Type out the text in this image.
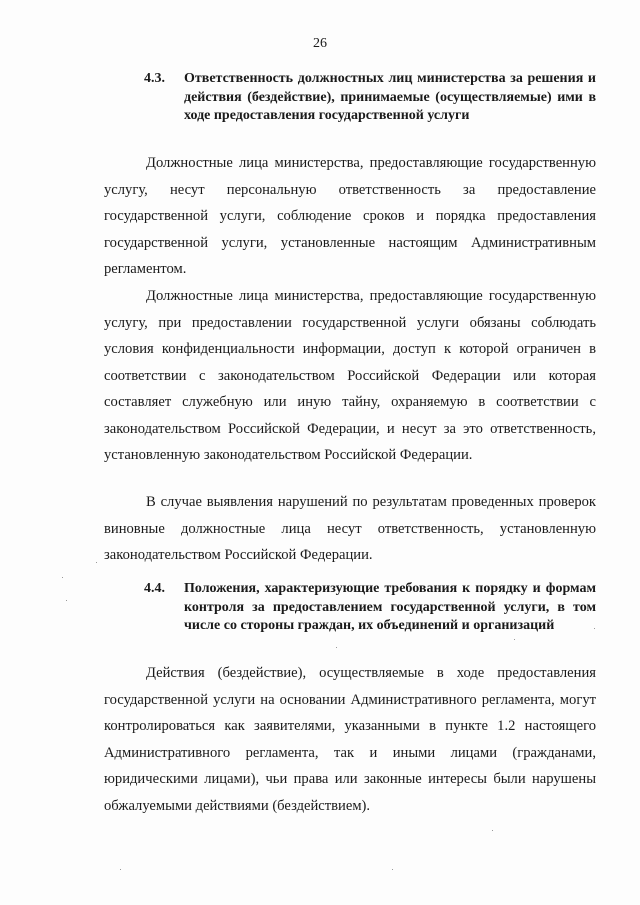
26
4.3. Ответственность должностных лиц министерства за решения и действия (бездействие), принимаемые (осуществляемые) ими в ходе предоставления государственной услуги

Должностные лица министерства, предоставляющие государственную услугу, несут персональную ответственность за предоставление государственной услуги, соблюдение сроков и порядка предоставления государственной услуги, установленные настоящим Административным регламентом.

Должностные лица министерства, предоставляющие государственную услугу, при предоставлении государственной услуги обязаны соблюдать условия конфиденциальности информации, доступ к которой ограничен в соответствии с законодательством Российской Федерации или которая составляет служебную или иную тайну, охраняемую в соответствии с законодательством Российской Федерации, и несут за это ответственность, установленную законодательством Российской Федерации.

В случае выявления нарушений по результатам проведенных проверок виновные должностные лица несут ответственность, установленную законодательством Российской Федерации.

4.4. Положения, характеризующие требования к порядку и формам контроля за предоставлением государственной услуги, в том числе со стороны граждан, их объединений и организаций

Действия (бездействие), осуществляемые в ходе предоставления государственной услуги на основании Административного регламента, могут контролироваться как заявителями, указанными в пункте 1.2 настоящего Административного регламента, так и иными лицами (гражданами, юридическими лицами), чьи права или законные интересы были нарушены обжалуемыми действиями (бездействием).
